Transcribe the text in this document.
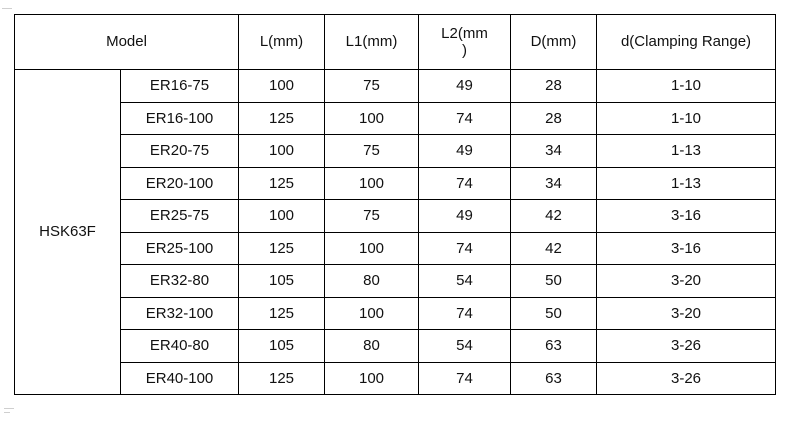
Model		L(mm)	L1(mm)	L2(mm
)	D(mm)	d(Clamping Range)
HSK63F	ER16-75	100	75	49	28	1-10
	ER16-100	125	100	74	28	1-10
	ER20-75	100	75	49	34	1-13
	ER20-100	125	100	74	34	1-13
	ER25-75	100	75	49	42	3-16
	ER25-100	125	100	74	42	3-16
	ER32-80	105	80	54	50	3-20
	ER32-100	125	100	74	50	3-20
	ER40-80	105	80	54	63	3-26
	ER40-100	125	100	74	63	3-26
